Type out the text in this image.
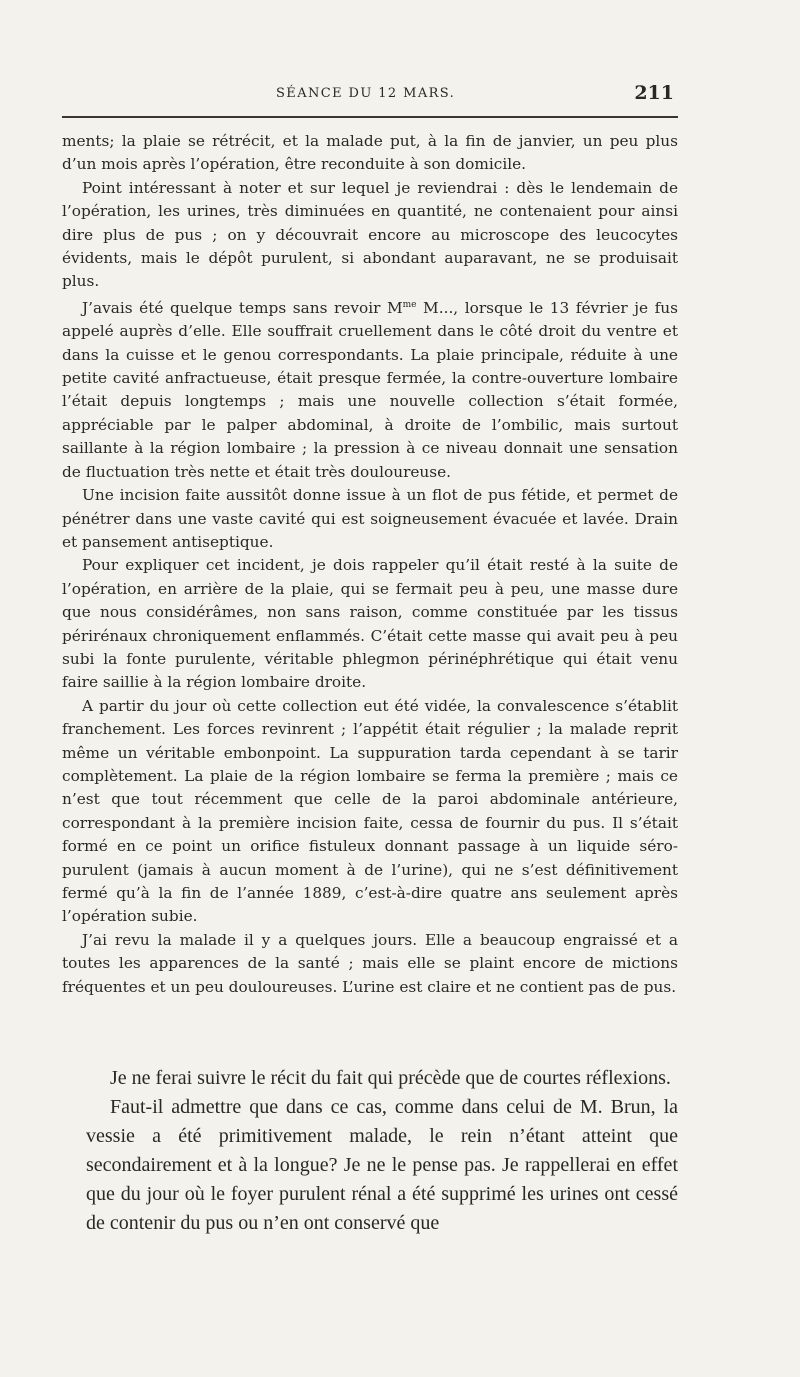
SÉANCE DU 12 MARS.	211

ments; la plaie se rétrécit, et la malade put, à la fin de janvier, un peu plus d’un mois après l’opération, être reconduite à son domicile.

Point intéressant à noter et sur lequel je reviendrai : dès le lendemain de l’opération, les urines, très diminuées en quantité, ne contenaient pour ainsi dire plus de pus ; on y découvrait encore au microscope des leucocytes évidents, mais le dépôt purulent, si abondant auparavant, ne se produisait plus.

J’avais été quelque temps sans revoir $M^{me}$ M..., lorsque le 13 février je fus appelé auprès d’elle. Elle souffrait cruellement dans le côté droit du ventre et dans la cuisse et le genou correspondants. La plaie principale, réduite à une petite cavité anfractueuse, était presque fermée, la contre-ouverture lombaire l’était depuis longtemps ; mais une nouvelle collection s’était formée, appréciable par le palper abdominal, à droite de l’ombilic, mais surtout saillante à la région lombaire ; la pression à ce niveau donnait une sensation de fluctuation très nette et était très douloureuse.

Une incision faite aussitôt donne issue à un flot de pus fétide, et permet de pénétrer dans une vaste cavité qui est soigneusement évacuée et lavée. Drain et pansement antiseptique.

Pour expliquer cet incident, je dois rappeler qu’il était resté à la suite de l’opération, en arrière de la plaie, qui se fermait peu à peu, une masse dure que nous considérâmes, non sans raison, comme constituée par les tissus périrénaux chroniquement enflammés. C’était cette masse qui avait peu à peu subi la fonte purulente, véritable phlegmon périnéphrétique qui était venu faire saillie à la région lombaire droite.

A partir du jour où cette collection eut été vidée, la convalescence s’établit franchement. Les forces revinrent ; l’appétit était régulier ; la malade reprit même un véritable embonpoint. La suppuration tarda cependant à se tarir complètement. La plaie de la région lombaire se ferma la première ; mais ce n’est que tout récemment que celle de la paroi abdominale antérieure, correspondant à la première incision faite, cessa de fournir du pus. Il s’était formé en ce point un orifice fistuleux donnant passage à un liquide séro-purulent (jamais à aucun moment à de l’urine), qui ne s’est définitivement fermé qu’à la fin de l’année 1889, c’est-à-dire quatre ans seulement après l’opération subie.

J’ai revu la malade il y a quelques jours. Elle a beaucoup engraissé et a toutes les apparences de la santé ; mais elle se plaint encore de mictions fréquentes et un peu douloureuses. L’urine est claire et ne contient pas de pus.

Je ne ferai suivre le récit du fait qui précède que de courtes réflexions.

Faut-il admettre que dans ce cas, comme dans celui de M. Brun, la vessie a été primitivement malade, le rein n’étant atteint que secondairement et à la longue? Je ne le pense pas. Je rappellerai en effet que du jour où le foyer purulent rénal a été supprimé les urines ont cessé de contenir du pus ou n’en ont conservé que
